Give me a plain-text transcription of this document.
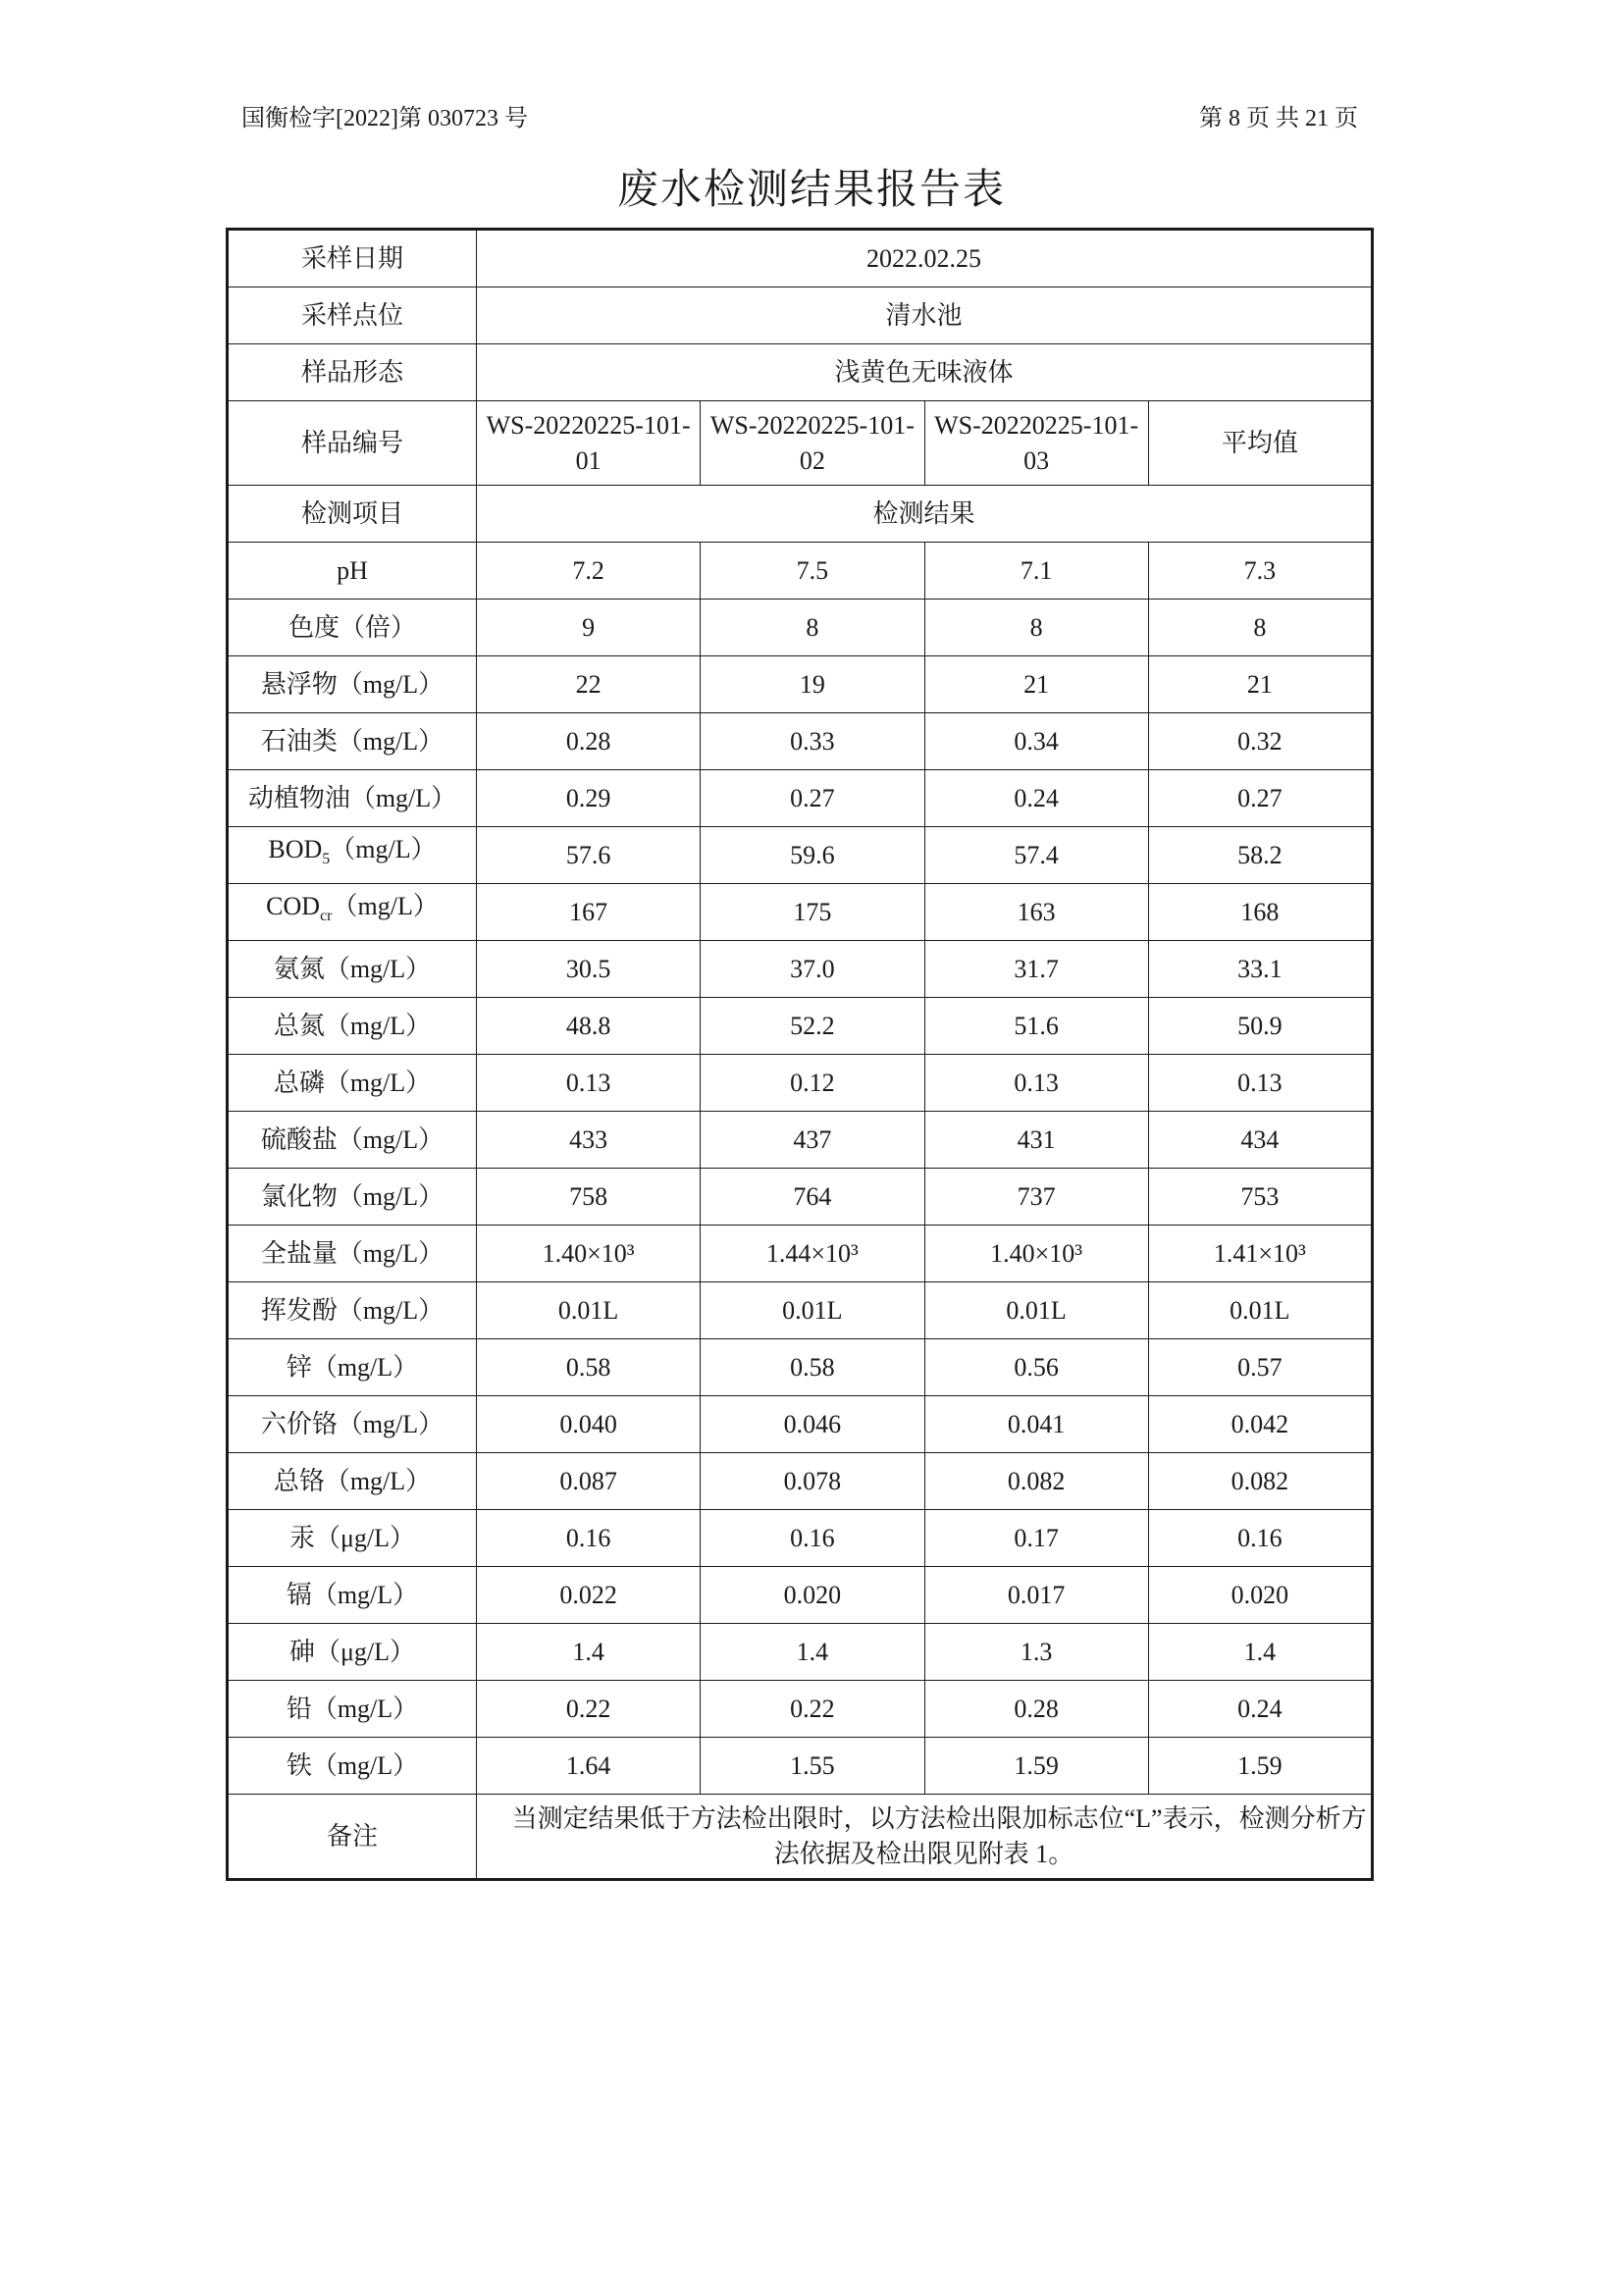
国衡检字[2022]第 030723 号	第 8 页 共 21 页
废水检测结果报告表
采样日期	2022.02.25			
采样点位	清水池			
样品形态	浅黄色无味液体			
样品编号	WS-20220225-101-01	WS-20220225-101-02	WS-20220225-101-03	平均值
检测项目	检测结果			
pH	7.2	7.5	7.1	7.3
色度（倍）	9	8	8	8
悬浮物（mg/L）	22	19	21	21
石油类（mg/L）	0.28	0.33	0.34	0.32
动植物油（mg/L）	0.29	0.27	0.24	0.27
$BOD_5(mg/L)$	57.6	59.6	57.4	58.2
$COD_{cr}(mg/L)$	167	175	163	168
氨氮（mg/L）	30.5	37.0	31.7	33.1
总氮（mg/L）	48.8	52.2	51.6	50.9
总磷（mg/L）	0.13	0.12	0.13	0.13
硫酸盐（mg/L）	433	437	431	434
氯化物（mg/L）	758	764	737	753
全盐量（mg/L）	1.40×10³	1.44×10³	1.40×10³	1.41×10³
挥发酚（mg/L）	0.01L	0.01L	0.01L	0.01L
锌（mg/L）	0.58	0.58	0.56	0.57
六价铬（mg/L）	0.040	0.046	0.041	0.042
总铬（mg/L）	0.087	0.078	0.082	0.082
汞（μg/L）	0.16	0.16	0.17	0.16
镉（mg/L）	0.022	0.020	0.017	0.020
砷（μg/L）	1.4	1.4	1.3	1.4
铅（mg/L）	0.22	0.22	0.28	0.24
铁（mg/L）	1.64	1.55	1.59	1.59
备注	当测定结果低于方法检出限时，以方法检出限加标志位“L”表示，检测分析方法依据及检出限见附表 1。			
